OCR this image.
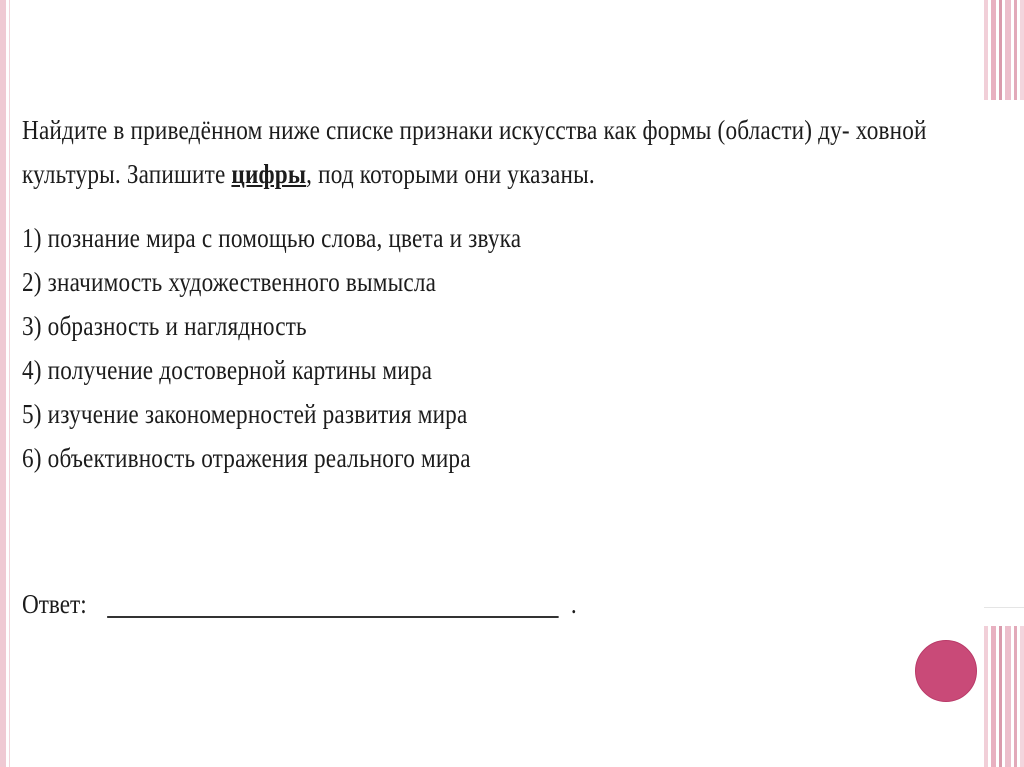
Найдите в приведённом ниже списке признаки искусства как формы (области) ду- ховной культуры. Запишите цифры, под которыми они указаны.

1) познание мира с помощью слова, цвета и звука
2) значимость художественного вымысла
3) образность и наглядность
4) получение достоверной картины мира
5) изучение закономерностей развития мира
6) объективность отражения реального мира
Ответ:	.
